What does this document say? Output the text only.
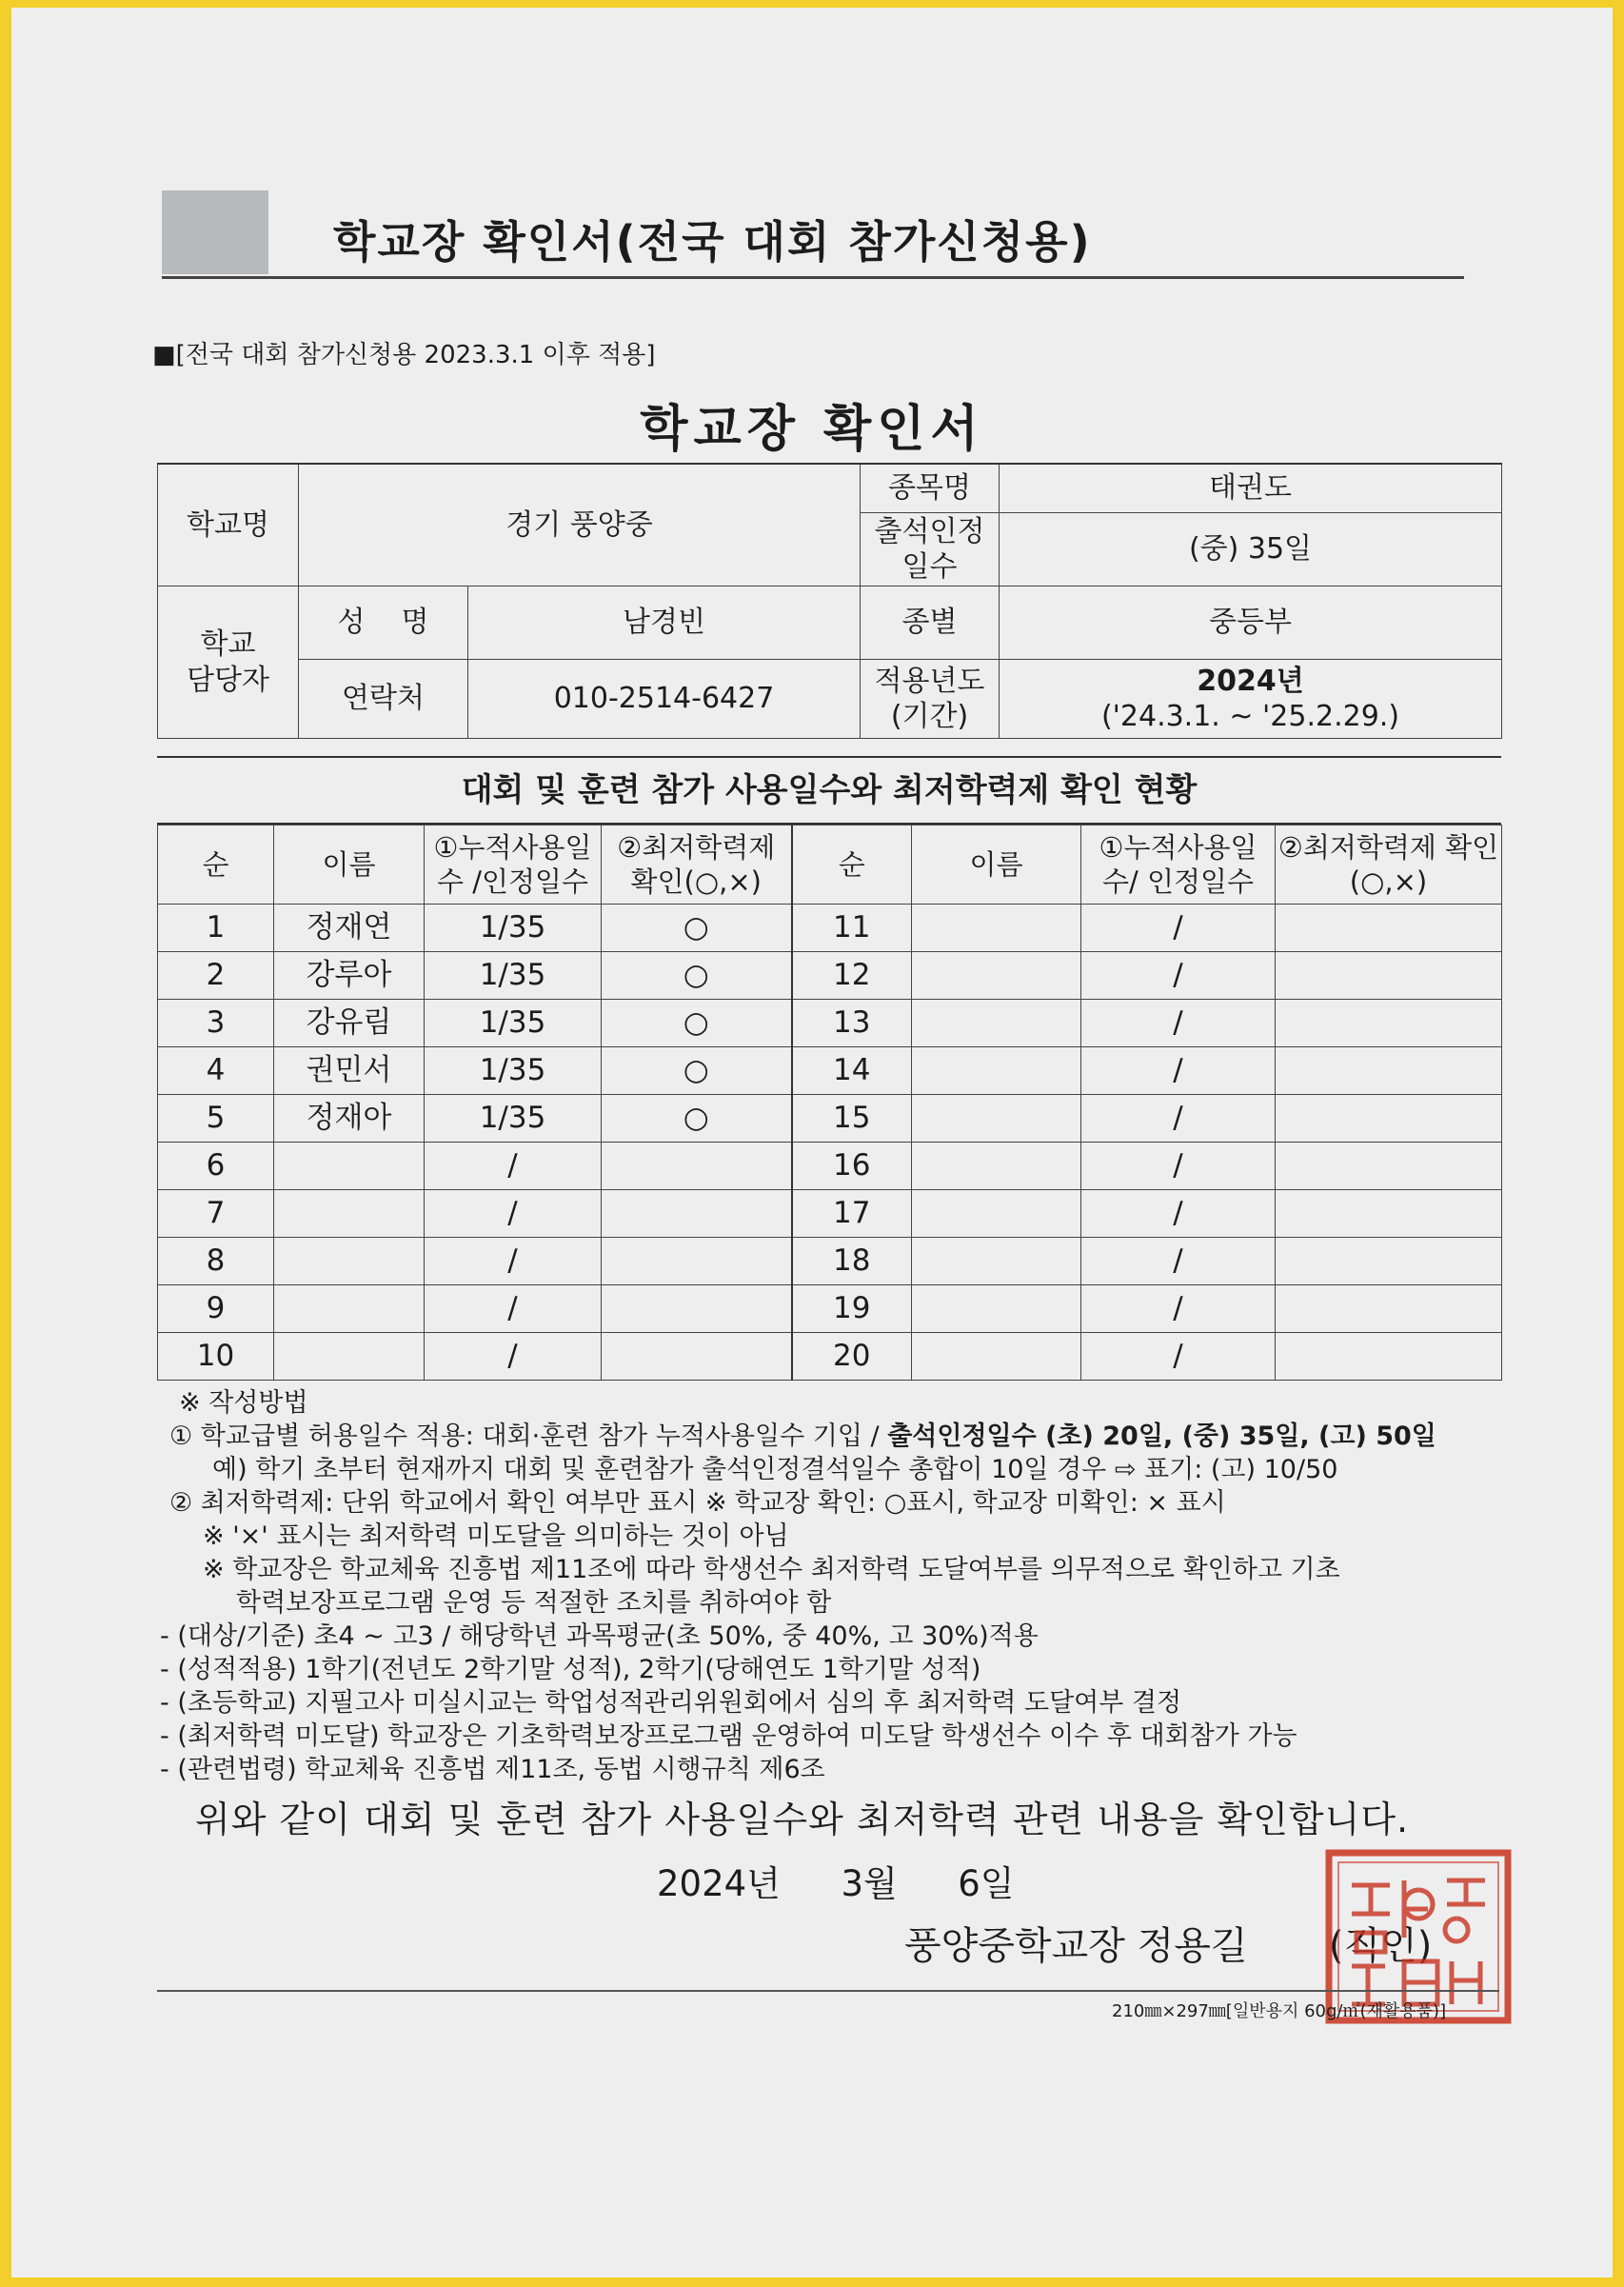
학교장 확인서(전국 대회 참가신청용)
■[전국 대회 참가신청용 2023.3.1 이후 적용]
학교장 확인서
학교명	경기 풍양중		종목명	태권도
			출석인정 일수	(중) 35일
학교 담당자	성    명	남경빈	종별	중등부
	연락처	010-2514-6427	적용년도 (기간)	2024년
('24.3.1. ~ '25.2.29.)
대회 및 훈련 참가 사용일수와 최저학력제 확인 현황
순	이름	①누적사용일수 /인정일수	②최저학력제 확인(○,×)	순	이름	①누적사용일수/ 인정일수	②최저학력제 확인(○,×)
1	정재연	1/35	○	11		/	
2	강루아	1/35	○	12		/	
3	강유림	1/35	○	13		/	
4	권민서	1/35	○	14		/	
5	정재아	1/35	○	15		/	
6		/		16		/	
7		/		17		/	
8		/		18		/	
9		/		19		/	
10		/		20		/	
※ 작성방법
① 학교급별 허용일수 적용: 대회·훈련 참가 누적사용일수 기입 / 출석인정일수 (초) 20일, (중) 35일, (고) 50일
예) 학기 초부터 현재까지 대회 및 훈련참가 출석인정결석일수 총합이 10일 경우 ⇨ 표기: (고) 10/50
② 최저학력제: 단위 학교에서 확인 여부만 표시 ※ 학교장 확인: ○표시, 학교장 미확인: × 표시
※ '×' 표시는 최저학력 미도달을 의미하는 것이 아님
※ 학교장은 학교체육 진흥법 제11조에 따라 학생선수 최저학력 도달여부를 의무적으로 확인하고 기초
학력보장프로그램 운영 등 적절한 조치를 취하여야 함
- (대상/기준) 초4 ~ 고3 / 해당학년 과목평균(초 50%, 중 40%, 고 30%)적용
- (성적적용) 1학기(전년도 2학기말 성적), 2학기(당해연도 1학기말 성적)
- (초등학교) 지필고사 미실시교는 학업성적관리위원회에서 심의 후 최저학력 도달여부 결정
- (최저학력 미도달) 학교장은 기초학력보장프로그램 운영하여 미도달 학생선수 이수 후 대회참가 가능
- (관련법령) 학교체육 진흥법 제11조, 동법 시행규칙 제6조
위와 같이 대회 및 훈련 참가 사용일수와 최저학력 관련 내용을 확인합니다.
2024년 3월 6일
풍양중학교장 정용길 (직인)
210㎜×297㎜[일반용지 60g/㎡(재활용품)]
